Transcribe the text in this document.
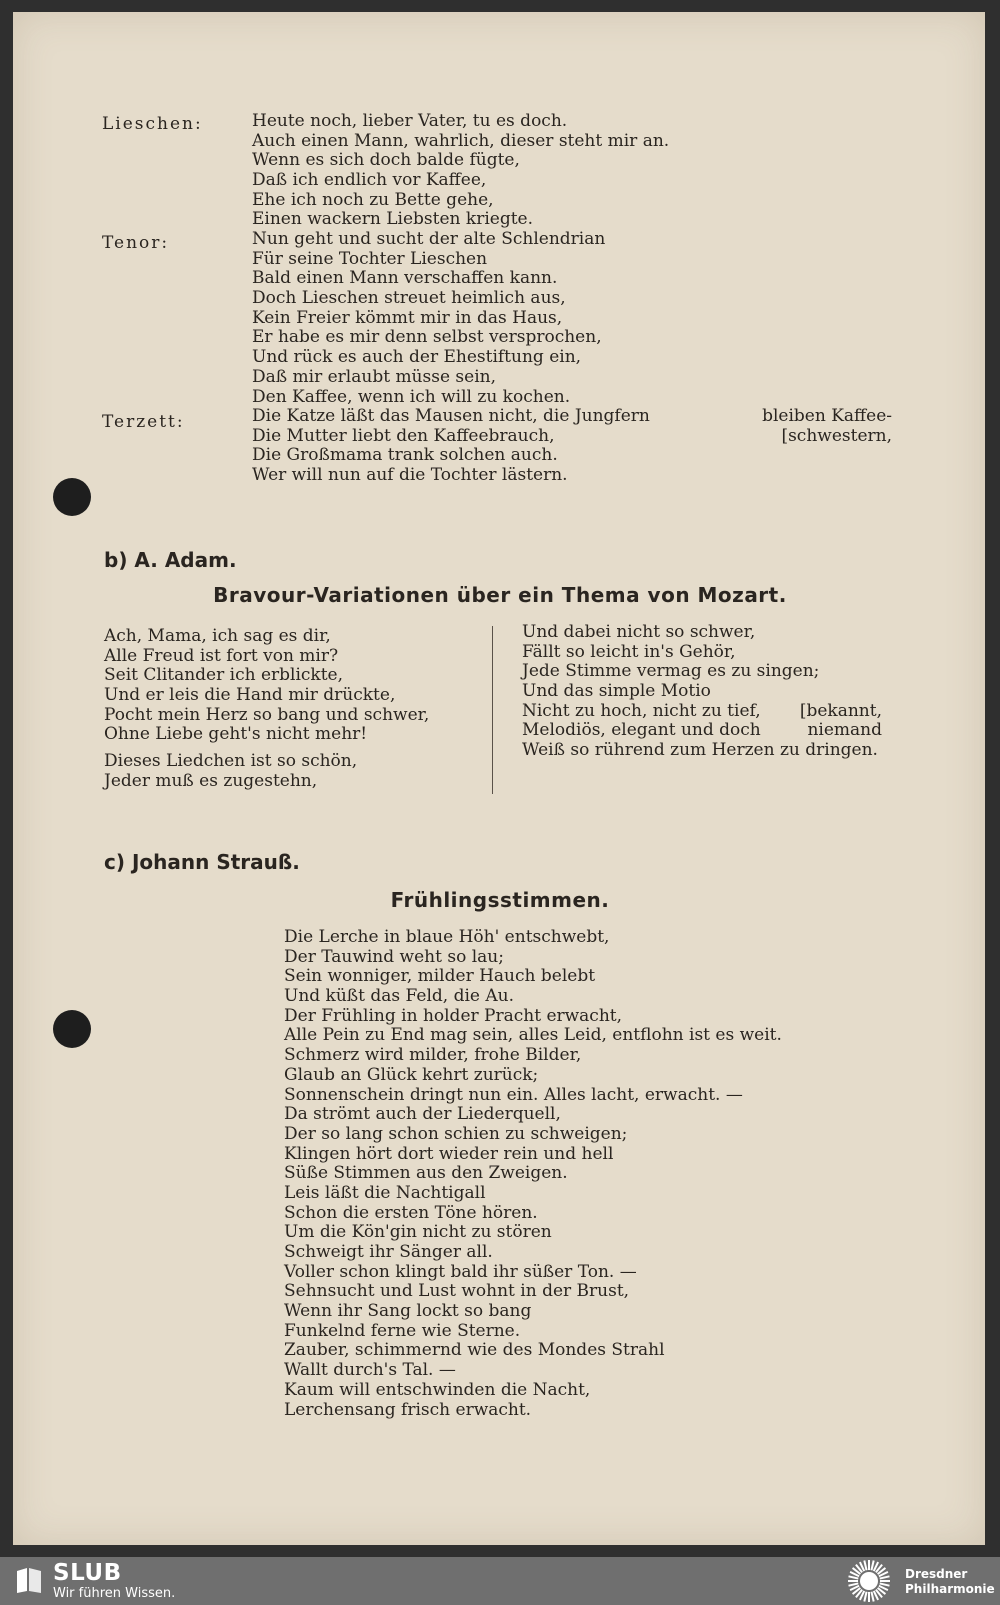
Lieschen:	Heute noch, lieber Vater, tu es doch.
Auch einen Mann, wahrlich, dieser steht mir an.
Wenn es sich doch balde fügte,
Daß ich endlich vor Kaffee,
Ehe ich noch zu Bette gehe,
Einen wackern Liebsten kriegte.
Tenor:	Nun geht und sucht der alte Schlendrian
Für seine Tochter Lieschen
Bald einen Mann verschaffen kann.
Doch Lieschen streuet heimlich aus,
Kein Freier kömmt mir in das Haus,
Er habe es mir denn selbst versprochen,
Und rück es auch der Ehestiftung ein,
Daß mir erlaubt müsse sein,
Den Kaffee, wenn ich will zu kochen.
Terzett:	Die Katze läßt das Mausen nicht, die Jungfern	bleiben Kaffee-
Die Mutter liebt den Kaffeebrauch,	[schwestern,
Die Großmama trank solchen auch.
Wer will nun auf die Tochter lästern.
b) A. Adam.
Bravour-Variationen über ein Thema von Mozart.
Ach, Mama, ich sag es dir,
Alle Freud ist fort von mir?
Seit Clitander ich erblickte,
Und er leis die Hand mir drückte,
Pocht mein Herz so bang und schwer,
Ohne Liebe geht's nicht mehr!
Dieses Liedchen ist so schön,
Jeder muß es zugestehn,
Und dabei nicht so schwer,
Fällt so leicht in's Gehör,
Jede Stimme vermag es zu singen;
Und das simple Motio
Nicht zu hoch, nicht zu tief, [bekannt,
Melodiös, elegant und doch	niemand
Weiß so rührend zum Herzen zu dringen.
c) Johann Strauß.
Frühlingsstimmen.
Die Lerche in blaue Höh' entschwebt,
Der Tauwind weht so lau;
Sein wonniger, milder Hauch belebt
Und küßt das Feld, die Au.
Der Frühling in holder Pracht erwacht,
Alle Pein zu End mag sein, alles Leid, entflohn ist es weit.
Schmerz wird milder, frohe Bilder,
Glaub an Glück kehrt zurück;
Sonnenschein dringt nun ein. Alles lacht, erwacht. —
Da strömt auch der Liederquell,
Der so lang schon schien zu schweigen;
Klingen hört dort wieder rein und hell
Süße Stimmen aus den Zweigen.
Leis läßt die Nachtigall
Schon die ersten Töne hören.
Um die Kön'gin nicht zu stören
Schweigt ihr Sänger all.
Voller schon klingt bald ihr süßer Ton. —
Sehnsucht und Lust wohnt in der Brust,
Wenn ihr Sang lockt so bang
Funkelnd ferne wie Sterne.
Zauber, schimmernd wie des Mondes Strahl
Wallt durch's Tal. —
Kaum will entschwinden die Nacht,
Lerchensang frisch erwacht.
SLUB
Wir führen Wissen.
Dresdner
Philharmonie
